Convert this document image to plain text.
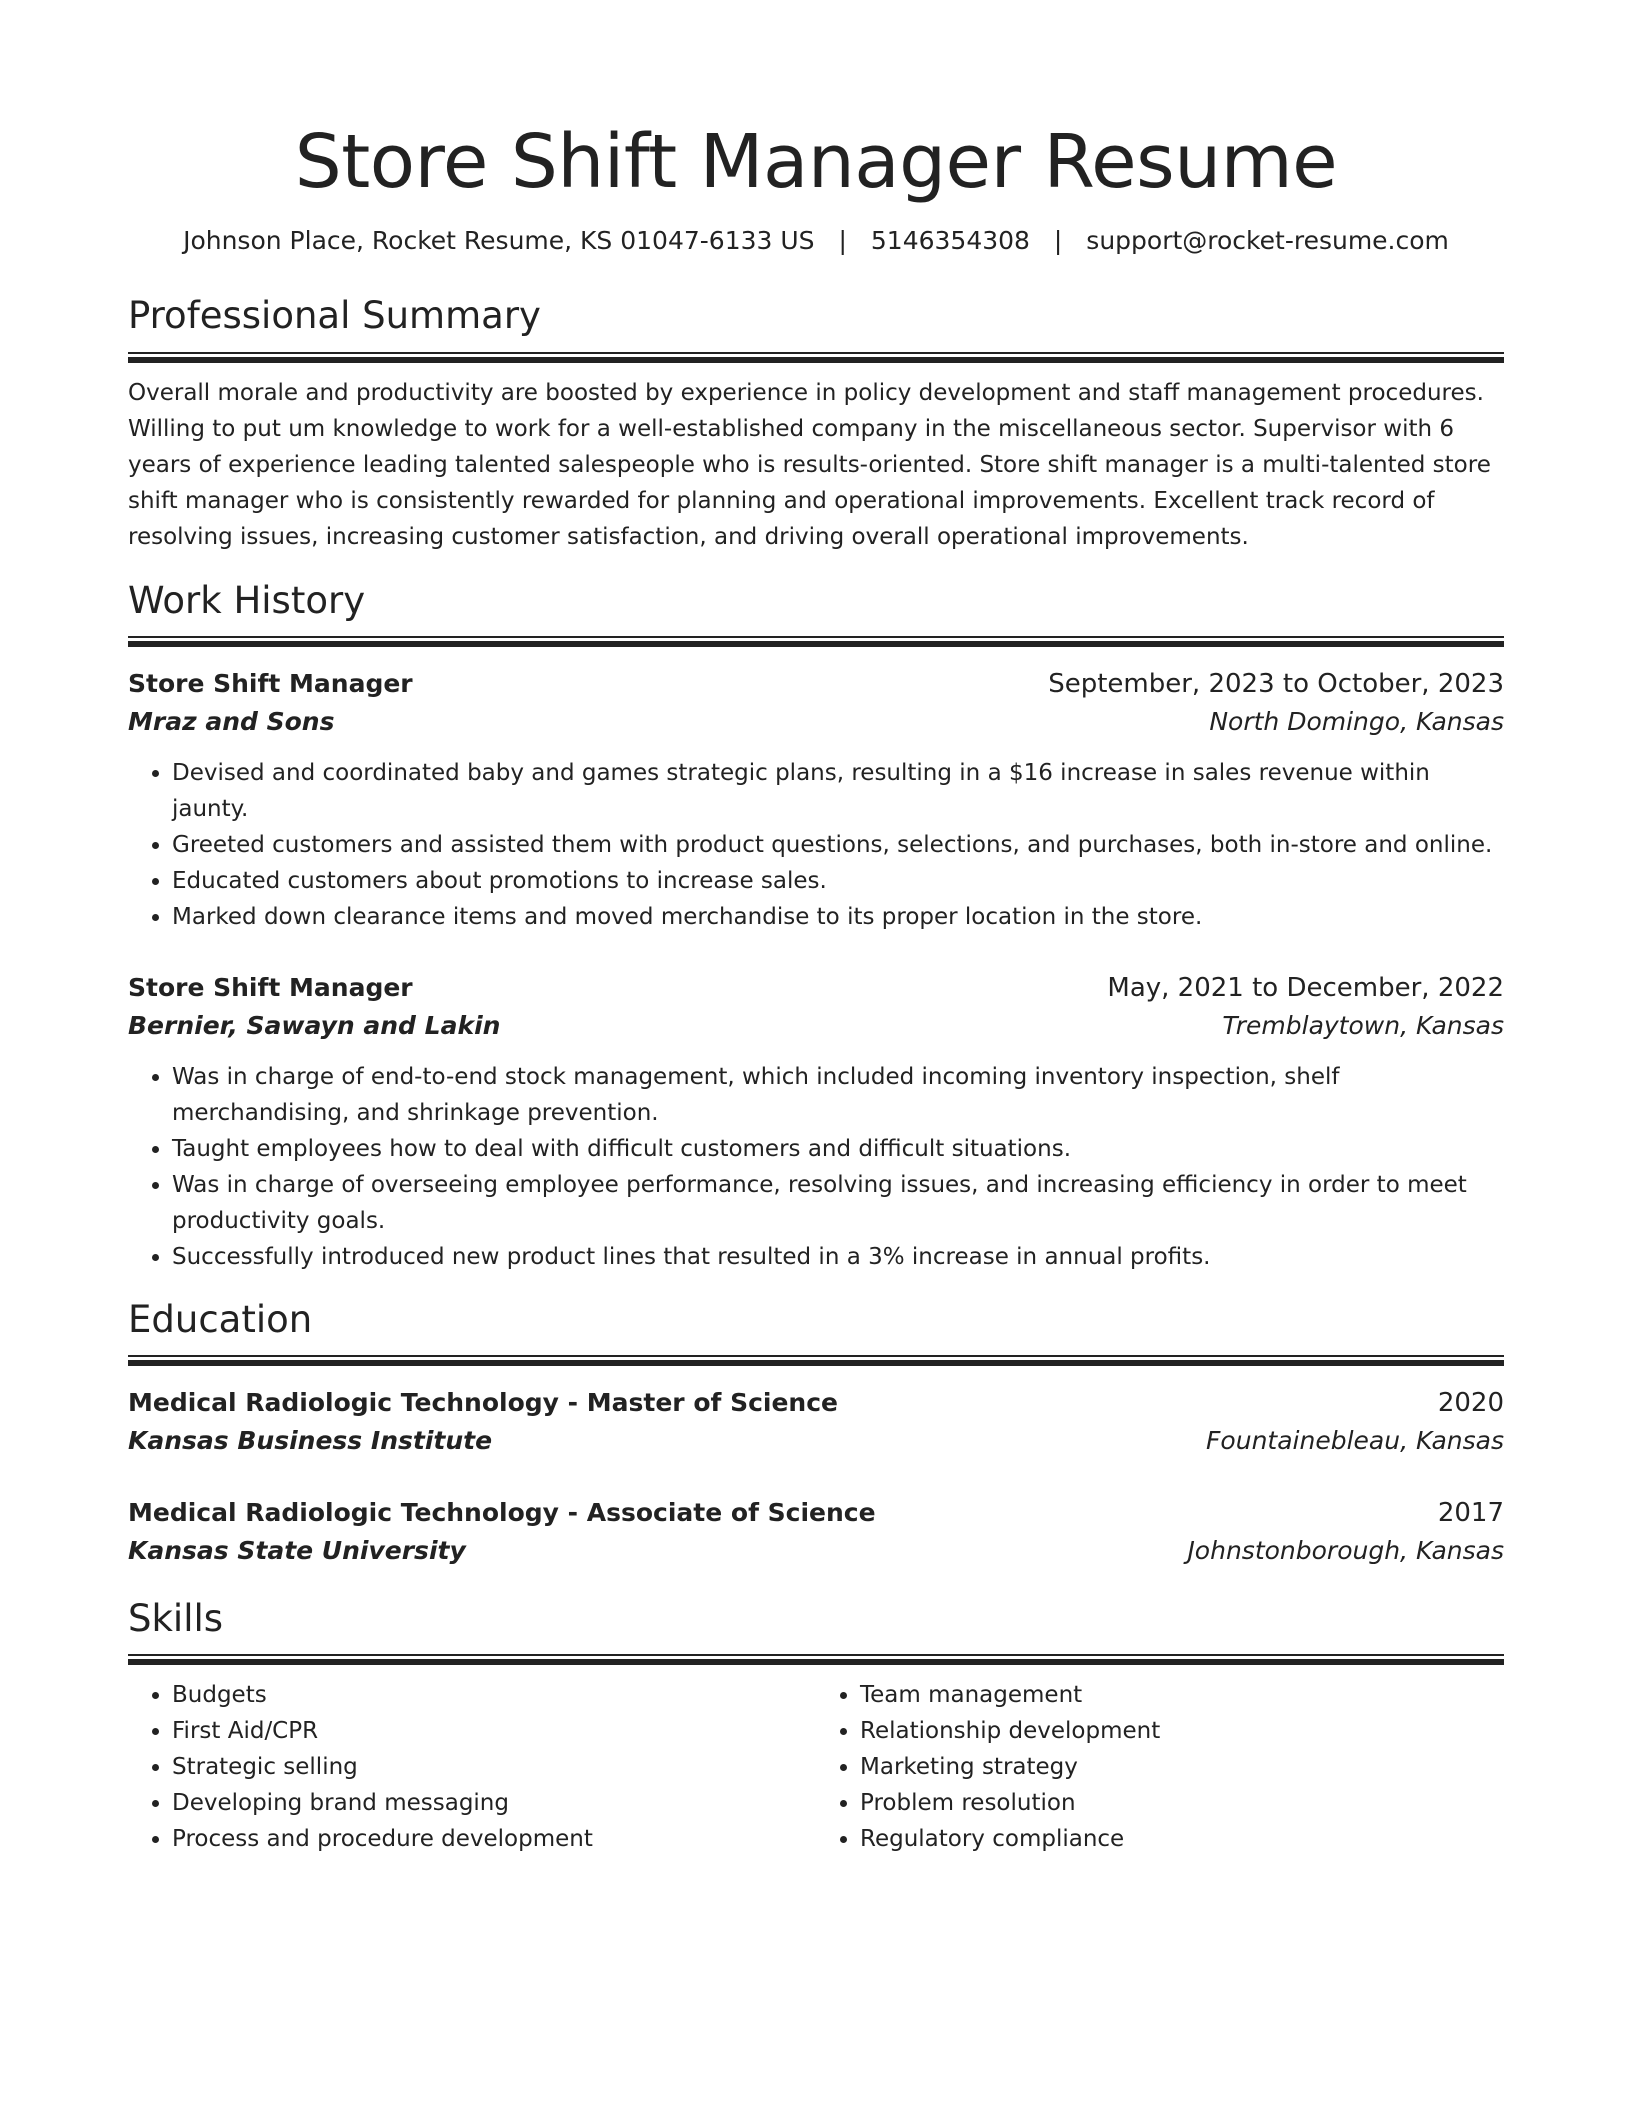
Store Shift Manager Resume
Johnson Place, Rocket Resume, KS 01047-6133 US | 5146354308 | support@rocket-resume.com
Professional Summary

Overall morale and productivity are boosted by experience in policy development and staff management procedures. Willing to put um knowledge to work for a well-established company in the miscellaneous sector. Supervisor with 6 years of experience leading talented salespeople who is results-oriented. Store shift manager is a multi-talented store shift manager who is consistently rewarded for planning and operational improvements. Excellent track record of resolving issues, increasing customer satisfaction, and driving overall operational improvements.

Work History
Store Shift Manager	September, 2023 to October, 2023
Mraz and Sons	North Domingo, Kansas
• Devised and coordinated baby and games strategic plans, resulting in a $16 increase in sales revenue within jaunty.
• Greeted customers and assisted them with product questions, selections, and purchases, both in-store and online.
• Educated customers about promotions to increase sales.
• Marked down clearance items and moved merchandise to its proper location in the store.
Store Shift Manager	May, 2021 to December, 2022
Bernier, Sawayn and Lakin	Tremblaytown, Kansas
• Was in charge of end-to-end stock management, which included incoming inventory inspection, shelf merchandising, and shrinkage prevention.
• Taught employees how to deal with difficult customers and difficult situations.
• Was in charge of overseeing employee performance, resolving issues, and increasing efficiency in order to meet productivity goals.
• Successfully introduced new product lines that resulted in a 3% increase in annual profits.
Education
Medical Radiologic Technology - Master of Science	2020
Kansas Business Institute	Fountainebleau, Kansas
Medical Radiologic Technology - Associate of Science	2017
Kansas State University	Johnstonborough, Kansas
Skills
• Budgets
• First Aid/CPR
• Strategic selling
• Developing brand messaging
• Process and procedure development
• Team management
• Relationship development
• Marketing strategy
• Problem resolution
• Regulatory compliance
